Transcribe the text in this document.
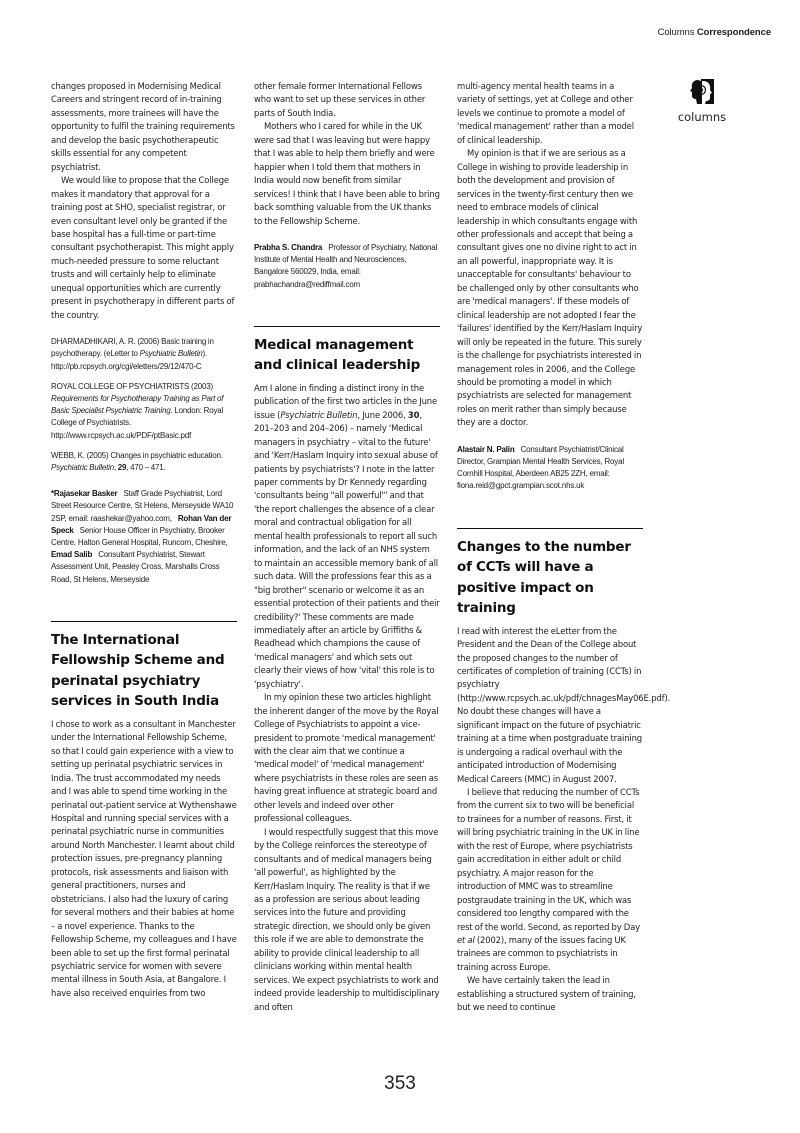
Columns Correspondence
columns

changes proposed in Modernising Medical Careers and stringent record of in-training assessments, more trainees will have the opportunity to fulfil the training requirements and develop the basic psychotherapeutic skills essential for any competent psychiatrist.

We would like to propose that the College makes it mandatory that approval for a training post at SHO, specialist registrar, or even consultant level only be granted if the base hospital has a full-time or part-time consultant psychotherapist. This might apply much-needed pressure to some reluctant trusts and will certainly help to eliminate unequal opportunities which are currently present in psychotherapy in different parts of the country.

DHARMADHIKARI, A. R. (2006) Basic training in psychotherapy. (eLetter to Psychiatric Bulletin). http://pb.rcpsych.org/cgi/eletters/29/12/470-C

ROYAL COLLEGE OF PSYCHIATRISTS (2003) Requirements for Psychotherapy Training as Part of Basic Specialist Psychiatric Training. London: Royal College of Psychiatrists. http://www.rcpsych.ac.uk/PDF/ptBasic.pdf

WEBB, K. (2005) Changes in psychiatric education. Psychiatric Bulletin, 29, 470 – 471.

*Rajasekar Basker Staff Grade Psychiatrist, Lord Street Resource Centre, St Helens, Merseyside WA10 2SP, email: raashekar@yahoo.com, Rohan Van der Speck Senior House Officer in Psychiatry, Brooker Centre, Halton General Hospital, Runcorn, Cheshire,   Emad Salib Consultant Psychiatrist, Stewart Assessment Unit, Peasley Cross, Marshalls Cross Road, St Helens, Merseyside
The International Fellowship Scheme and perinatal psychiatry services in South India

I chose to work as a consultant in Manchester under the International Fellowship Scheme, so that I could gain experience with a view to setting up perinatal psychiatric services in India. The trust accommodated my needs and I was able to spend time working in the perinatal out-patient service at Wythenshawe Hospital and running special services with a perinatal psychiatric nurse in communities around North Manchester. I learnt about child protection issues, pre-pregnancy planning protocols, risk assessments and liaison with general practitioners, nurses and obstetricians. I also had the luxury of caring for several mothers and their babies at home – a novel experience. Thanks to the Fellowship Scheme, my colleagues and I have been able to set up the first formal perinatal psychiatric service for women with severe mental illness in South Asia, at Bangalore. I have also received enquiries from two

other female former International Fellows who want to set up these services in other parts of South India.

Mothers who I cared for while in the UK were sad that I was leaving but were happy that I was able to help them briefly and were happier when I told them that mothers in India would now benefit from similar services! I think that I have been able to bring back somthing valuable from the UK thanks to the Fellowship Scheme.

Prabha S. Chandra Professor of Psychiatry, National Institute of Mental Health and Neurosciences, Bangalore 560029, India, email: prabhachandra@rediffmail.com
Medical management and clinical leadership

Am I alone in finding a distinct irony in the publication of the first two articles in the June issue (Psychiatric Bulletin, June 2006, 30, 201–203 and 204–206) – namely 'Medical managers in psychiatry – vital to the future' and 'Kerr/Haslam Inquiry into sexual abuse of patients by psychiatrists'? I note in the latter paper comments by Dr Kennedy regarding 'consultants being "all powerful"' and that 'the report challenges the absence of a clear moral and contractual obligation for all mental health professionals to report all such information, and the lack of an NHS system to maintain an accessible memory bank of all such data. Will the professions fear this as a "big brother" scenario or welcome it as an essential protection of their patients and their credibility?' These comments are made immediately after an article by Griffiths & Readhead which champions the cause of 'medical managers' and which sets out clearly their views of how 'vital' this role is to 'psychiatry'.

In my opinion these two articles highlight the inherent danger of the move by the Royal College of Psychiatrists to appoint a vice-president to promote 'medical management' with the clear aim that we continue a 'medical model' of 'medical management' where psychiatrists in these roles are seen as having great influence at strategic board and other levels and indeed over other professional colleagues.

I would respectfully suggest that this move by the College reinforces the stereotype of consultants and of medical managers being 'all powerful', as highlighted by the Kerr/Haslam Inquiry. The reality is that if we as a profession are serious about leading services into the future and providing strategic direction, we should only be given this role if we are able to demonstrate the ability to provide clinical leadership to all clinicians working within mental health services. We expect psychiatrists to work and indeed provide leadership to multidisciplinary and often

multi-agency mental health teams in a variety of settings, yet at College and other levels we continue to promote a model of 'medical management' rather than a model of clinical leadership.

My opinion is that if we are serious as a College in wishing to provide leadership in both the development and provision of services in the twenty-first century then we need to embrace models of clinical leadership in which consultants engage with other professionals and accept that being a consultant gives one no divine right to act in an all powerful, inappropriate way. It is unacceptable for consultants' behaviour to be challenged only by other consultants who are 'medical managers'. If these models of clinical leadership are not adopted I fear the 'failures' identified by the Kerr/Haslam Inquiry will only be repeated in the future. This surely is the challenge for psychiatrists interested in management roles in 2006, and the College should be promoting a model in which psychiatrists are selected for management roles on merit rather than simply because they are a doctor.

Alastair N. Palin Consultant Psychiatrist/Clinical Director, Grampian Mental Health Services, Royal Cornhill Hospital, Aberdeen AB25 2ZH, email: fiona.reid@gpct.grampian.scot.nhs.uk
Changes to the number of CCTs will have a positive impact on training

I read with interest the eLetter from the President and the Dean of the College about the proposed changes to the number of certificates of completion of training (CCTs) in psychiatry (http://www.rcpsych.ac.uk/pdf/chnagesMay06E.pdf). No doubt these changes will have a significant impact on the future of psychiatric training at a time when postgraduate training is undergoing a radical overhaul with the anticipated introduction of Modernising Medical Careers (MMC) in August 2007.

I believe that reducing the number of CCTs from the current six to two will be beneficial to trainees for a number of reasons. First, it will bring psychiatric training in the UK in line with the rest of Europe, where psychiatrists gain accreditation in either adult or child psychiatry. A major reason for the introduction of MMC was to streamline postgraudate training in the UK, which was considered too lengthy compared with the rest of the world. Second, as reported by Day et al (2002), many of the issues facing UK trainees are common to psychiatrists in training across Europe.

We have certainly taken the lead in establishing a structured system of training, but we need to continue

353
